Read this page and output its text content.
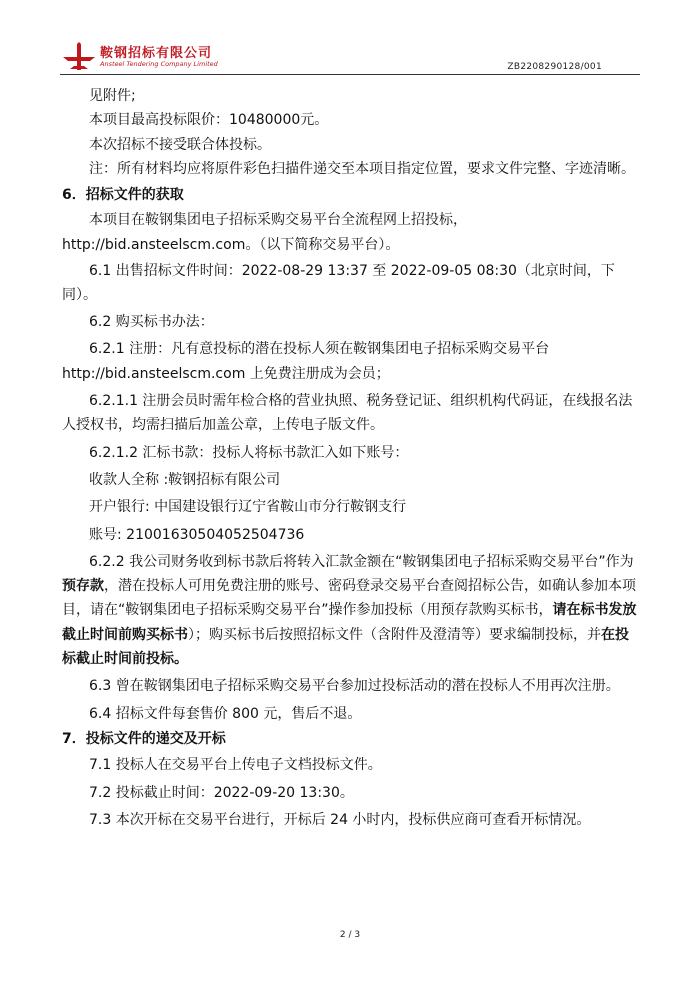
鞍钢招标有限公司
Ansteel Tendering Company Limited	ZB2208290128/001

见附件;

本项目最高投标限价：10480000元。

本次招标不接受联合体投标。

注：所有材料均应将原件彩色扫描件递交至本项目指定位置，要求文件完整、字迹清晰。

6．招标文件的获取

本项目在鞍钢集团电子招标采购交易平台全流程网上招投标，http://bid.ansteelscm.com。（以下简称交易平台）。

6.1 出售招标文件时间：2022-08-29 13:37 至 2022-09-05 08:30（北京时间，下同）。

6.2 购买标书办法：

6.2.1 注册：凡有意投标的潜在投标人须在鞍钢集团电子招标采购交易平台 http://bid.ansteelscm.com 上免费注册成为会员；

6.2.1.1 注册会员时需年检合格的营业执照、税务登记证、组织机构代码证，在线报名法人授权书，均需扫描后加盖公章，上传电子版文件。

6.2.1.2 汇标书款：投标人将标书款汇入如下账号：

收款人全称 :鞍钢招标有限公司

开户银行: 中国建设银行辽宁省鞍山市分行鞍钢支行

账号: 21001630504052504736

6.2.2 我公司财务收到标书款后将转入汇款金额在“鞍钢集团电子招标采购交易平台”作为预存款，潜在投标人可用免费注册的账号、密码登录交易平台查阅招标公告，如确认参加本项目，请在“鞍钢集团电子招标采购交易平台”操作参加投标（用预存款购买标书，请在标书发放截止时间前购买标书）；购买标书后按照招标文件（含附件及澄清等）要求编制投标，并在投标截止时间前投标。

6.3 曾在鞍钢集团电子招标采购交易平台参加过投标活动的潜在投标人不用再次注册。

6.4 招标文件每套售价 800 元，售后不退。

7．投标文件的递交及开标

7.1 投标人在交易平台上传电子文档投标文件。

7.2 投标截止时间：2022-09-20 13:30。

7.3 本次开标在交易平台进行，开标后 24 小时内，投标供应商可查看开标情况。

2 / 3
